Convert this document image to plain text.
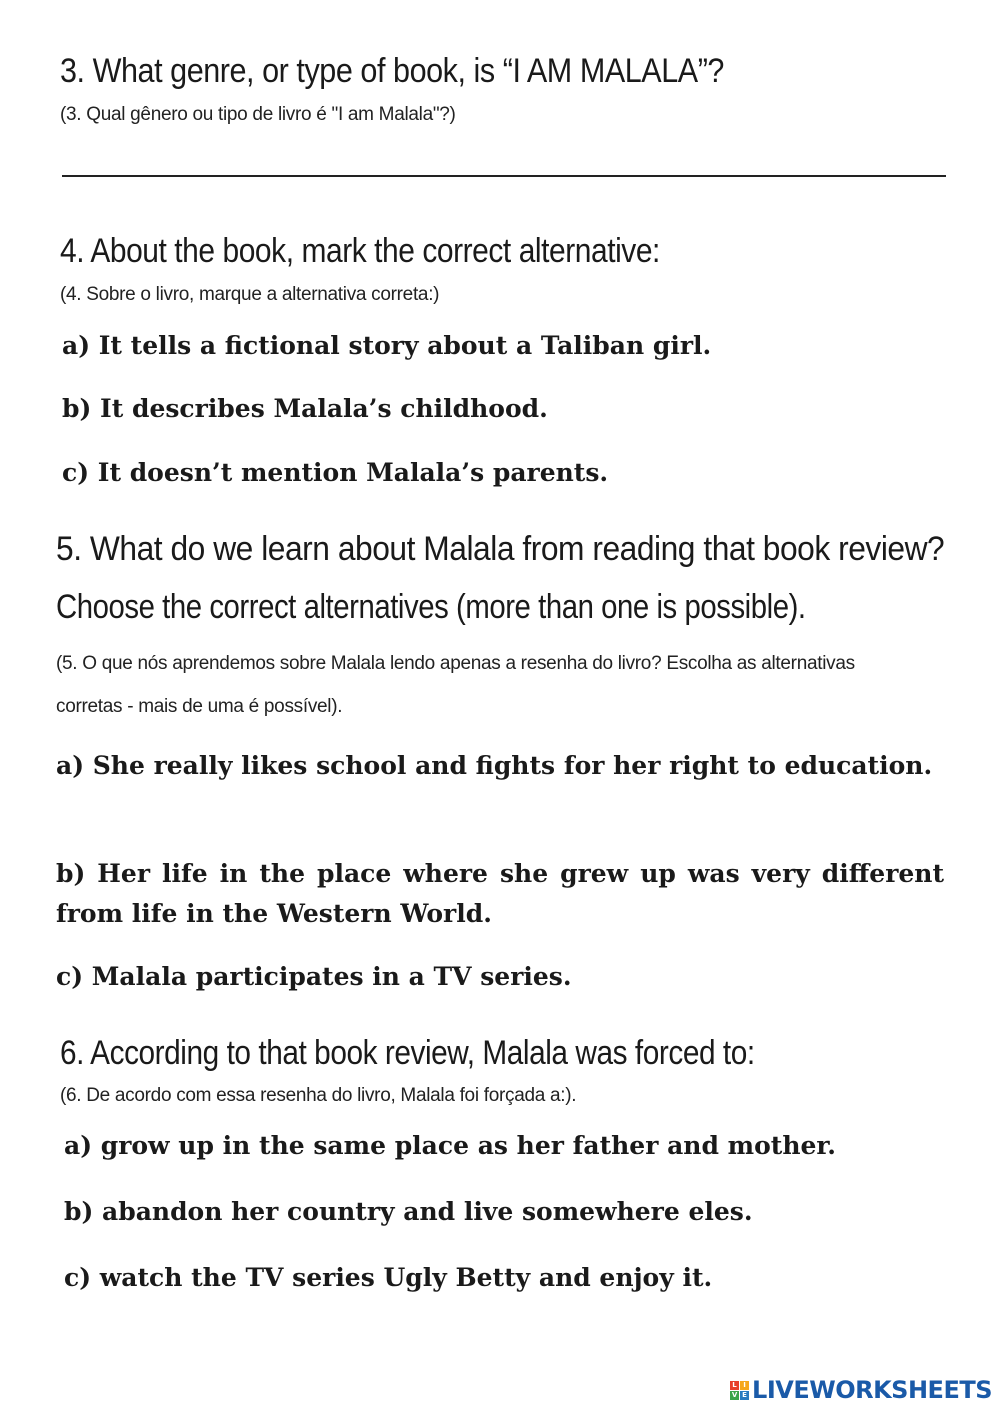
3. What genre, or type of book, is “I AM MALALA”?
(3. Qual gênero ou tipo de livro é "I am Malala"?)
4. About the book, mark the correct alternative:
(4. Sobre o livro, marque a alternativa correta:)
a) It tells a fictional story about a Taliban girl.
b) It describes Malala’s childhood.
c) It doesn’t mention Malala’s parents.
5. What do we learn about Malala from reading that book review?
Choose the correct alternatives (more than one is possible).
(5. O que nós aprendemos sobre Malala lendo apenas a resenha do livro? Escolha as alternativas
corretas - mais de uma é possível).
a) She really likes school and fights for her right to education.
b) Her life in the place where she grew up was very different from life in the Western World.
c) Malala participates in a TV series.
6. According to that book review, Malala was forced to:
(6. De acordo com essa resenha do livro, Malala foi forçada a:).
a) grow up in the same place as her father and mother.
b) abandon her country and live somewhere eles.
c) watch the TV series Ugly Betty and enjoy it.
L I
V E LIVEWORKSHEETS
